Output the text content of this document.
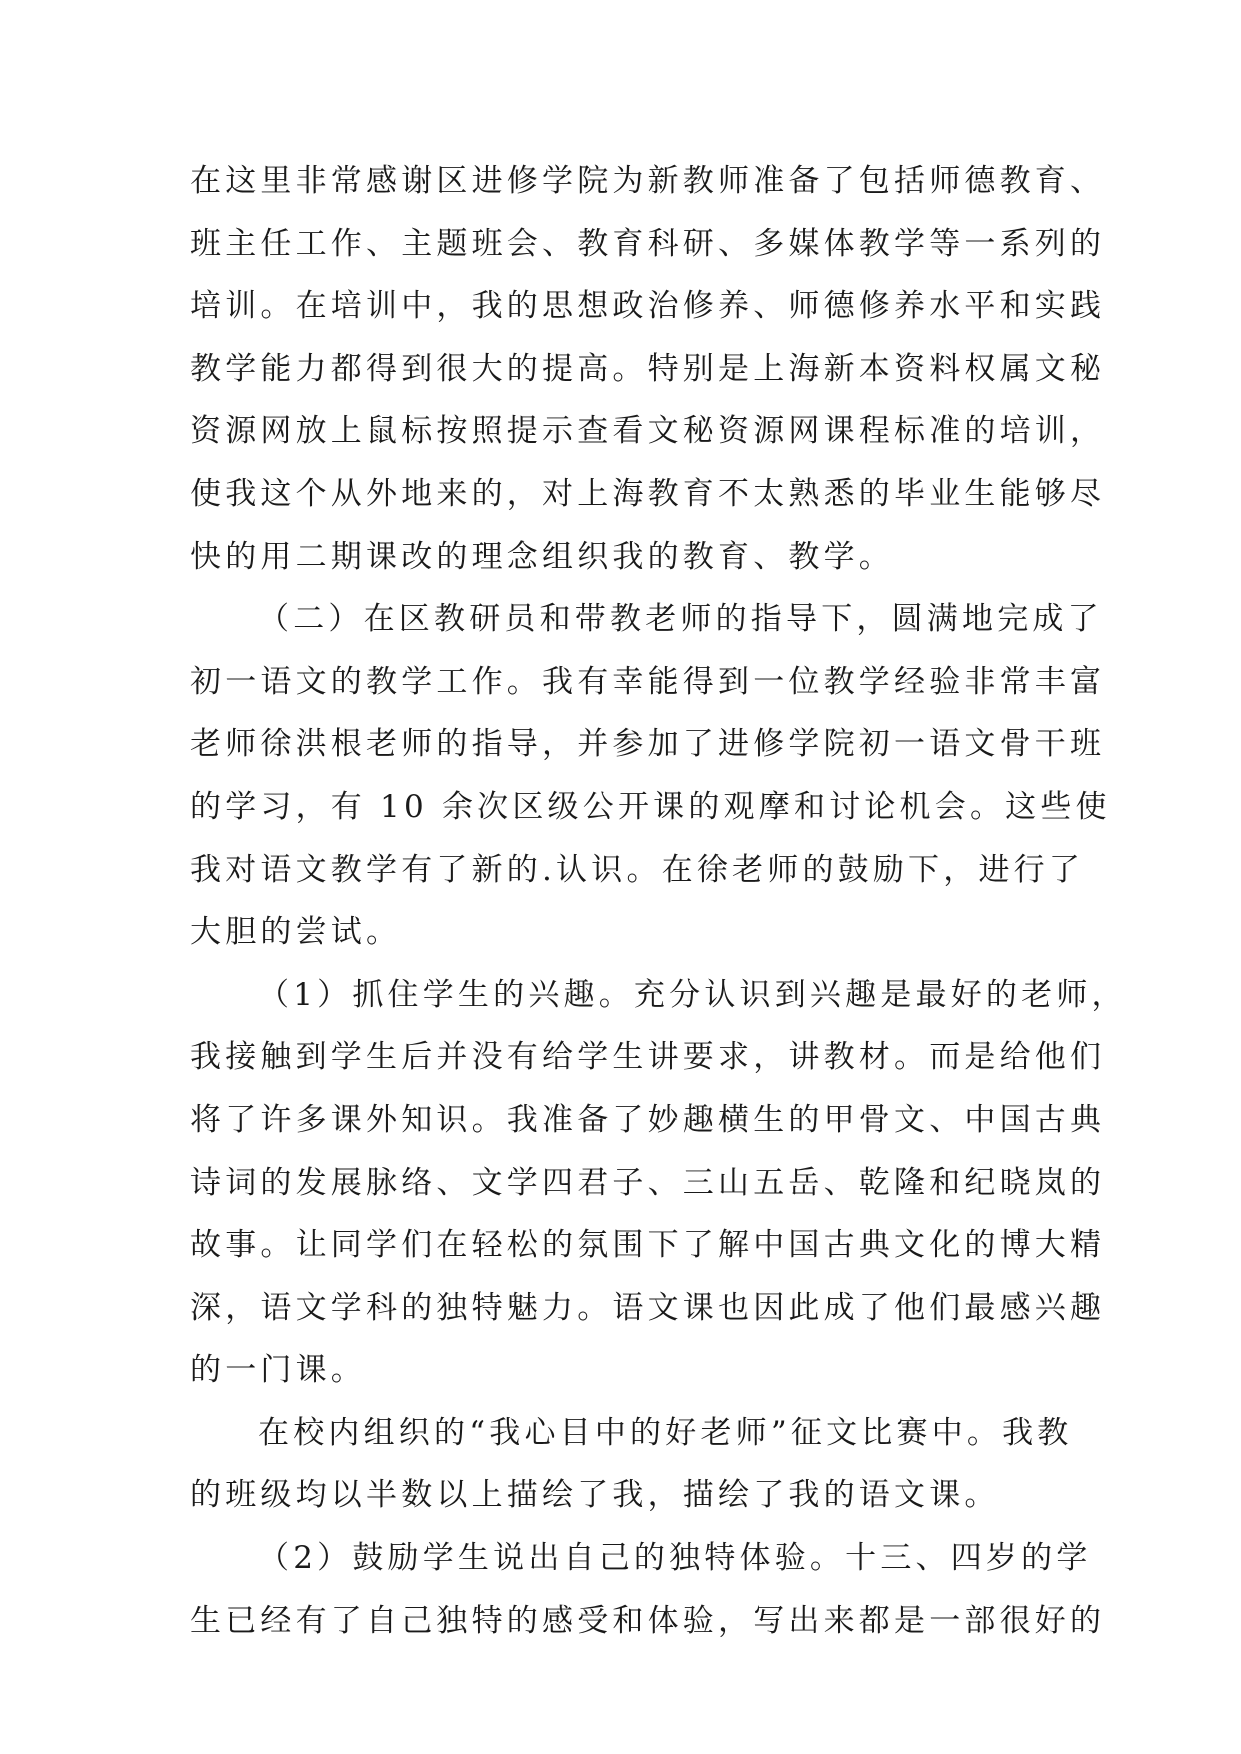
在这里非常感谢区进修学院为新教师准备了包括师德教育、
班主任工作、主题班会、教育科研、多媒体教学等一系列的
培训。在培训中，我的思想政治修养、师德修养水平和实践
教学能力都得到很大的提高。特别是上海新本资料权属文秘
资源网放上鼠标按照提示查看文秘资源网课程标准的培训，
使我这个从外地来的，对上海教育不太熟悉的毕业生能够尽
快的用二期课改的理念组织我的教育、教学。
（二）在区教研员和带教老师的指导下，圆满地完成了
初一语文的教学工作。我有幸能得到一位教学经验非常丰富
老师徐洪根老师的指导，并参加了进修学院初一语文骨干班
的学习，有 10 余次区级公开课的观摩和讨论机会。这些使
我对语文教学有了新的.认识。在徐老师的鼓励下，进行了
大胆的尝试。
（1）抓住学生的兴趣。充分认识到兴趣是最好的老师，
我接触到学生后并没有给学生讲要求，讲教材。而是给他们
将了许多课外知识。我准备了妙趣横生的甲骨文、中国古典
诗词的发展脉络、文学四君子、三山五岳、乾隆和纪晓岚的
故事。让同学们在轻松的氛围下了解中国古典文化的博大精
深，语文学科的独特魅力。语文课也因此成了他们最感兴趣
的一门课。
在校内组织的“我心目中的好老师”征文比赛中。我教
的班级均以半数以上描绘了我，描绘了我的语文课。
（2）鼓励学生说出自己的独特体验。十三、四岁的学
生已经有了自己独特的感受和体验，写出来都是一部很好的
